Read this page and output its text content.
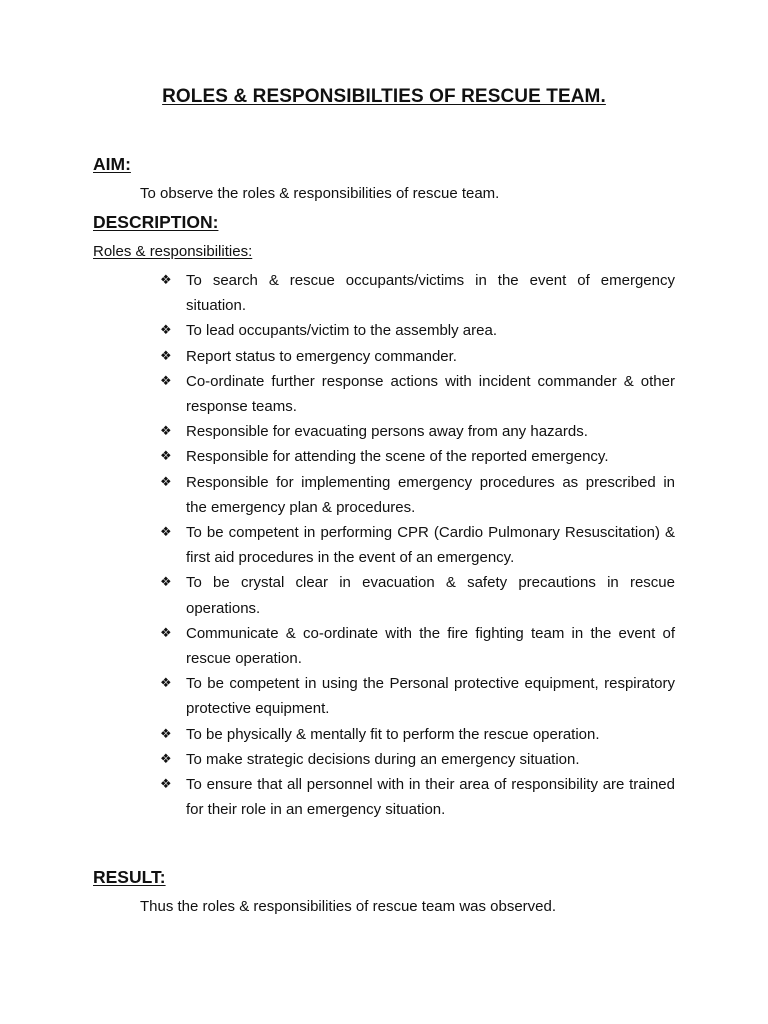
ROLES & RESPONSIBILTIES OF RESCUE TEAM.
AIM:
To observe the roles & responsibilities of rescue team.
DESCRIPTION:
Roles & responsibilities:
❖ To search & rescue occupants/victims in the event of emergency situation.
❖ To lead occupants/victim to the assembly area.
❖ Report status to emergency commander.
❖ Co-ordinate further response actions with incident commander & other response teams.
❖ Responsible for evacuating persons away from any hazards.
❖ Responsible for attending the scene of the reported emergency.
❖ Responsible for implementing emergency procedures as prescribed in the emergency plan & procedures.
❖ To be competent in performing CPR (Cardio Pulmonary Resuscitation) & first aid procedures in the event of an emergency.
❖ To be crystal clear in evacuation & safety precautions in rescue operations.
❖ Communicate & co-ordinate with the fire fighting team in the event of rescue operation.
❖ To be competent in using the Personal protective equipment, respiratory protective equipment.
❖ To be physically & mentally fit to perform the rescue operation.
❖ To make strategic decisions during an emergency situation.
❖ To ensure that all personnel with in their area of responsibility are trained for their role in an emergency situation.
RESULT:
Thus the roles & responsibilities of rescue team was observed.
